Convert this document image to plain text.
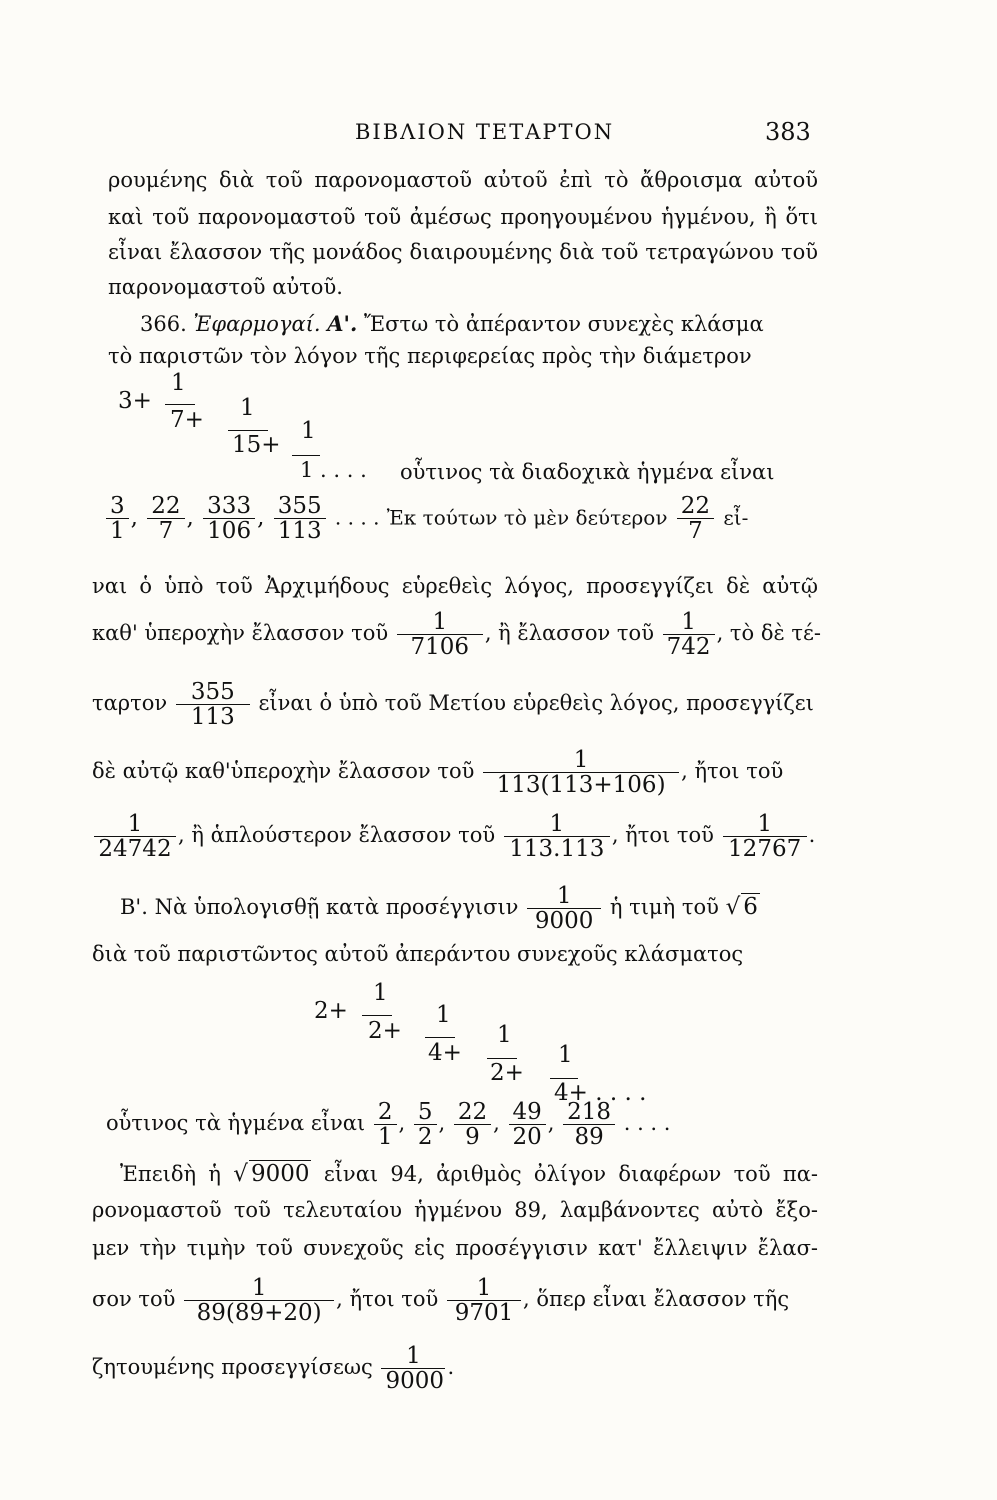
ΒΙΒΛΙΟΝ ΤΕΤΑΡΤΟΝ	383
ρουμένης διὰ τοῦ παρονομαστοῦ αὐτοῦ ἐπὶ τὸ ἄθροισμα αὐτοῦ
καὶ τοῦ παρονομαστοῦ τοῦ ἀμέσως προηγουμένου ἡγμένου, ἢ ὅτι
εἶναι ἔλασσον τῆς μονάδος διαιρουμένης διὰ τοῦ τετραγώνου τοῦ
παρονομαστοῦ αὐτοῦ.
366. Ἐφαρμογαί. Α'. Ἔστω τὸ ἀπέραντον συνεχὲς κλάσμα
τὸ παριστῶν τὸν λόγον τῆς περιφερείας πρὸς τὴν διάμετρον
3+
1
7+ 1
15+
1
1 . . . . οὗτινος τὰ διαδοχικὰ ἡγμένα εἶναι
$\frac{3}{1}$ , $\frac{22}{7}$ , $\frac{333}{106}$ , $\frac{355}{113}$ . . . . Ἐκ τούτων τὸ μὲν δεύτερον $\frac{22}{7}$ εἶ-
ναι ὁ ὑπὸ τοῦ Ἀρχιμήδους εὑρεθεὶς λόγος, προσεγγίζει δὲ αὐτῷ
καθ' ὑπεροχὴν ἔλασσον τοῦ $\frac{1}{7106}$ , ἢ ἔλασσον τοῦ $\frac{1}{742}$ , τὸ δὲ τέ-
ταρτον $\frac{355}{113}$ εἶναι ὁ ὑπὸ τοῦ Μετίου εὑρεθεὶς λόγος, προσεγγίζει
δὲ αὐτῷ καθ'ὑπεροχὴν ἔλασσον τοῦ $\frac{1}{113(113+106)}$ , ἤτοι τοῦ
$\frac{1}{24742}$ , ἢ ἁπλούστερον ἔλασσον τοῦ $\frac{1}{113.113}$ , ἤτοι τοῦ $\frac{1}{12767}$ .
Β'. Νὰ ὑπολογισθῇ κατὰ προσέγγισιν $\frac{1}{9000}$ ἡ τιμὴ τοῦ √ 6
διὰ τοῦ παριστῶντος αὐτοῦ ἀπεράντου συνεχοῦς κλάσματος
2+
1
2+
1
4+
1
2+
1
4+ . . . .
οὗτινος τὰ ἡγμένα εἶναι $\frac{2}{1}$ , $\frac{5}{2}$ , $\frac{22}{9}$ , $\frac{49}{20}$ , $\frac{218}{89}$ . . . .
Ἐπειδὴ ἡ √ 9000 εἶναι 94, ἀριθμὸς ὀλίγον διαφέρων τοῦ πα-
ρονομαστοῦ τοῦ τελευταίου ἡγμένου 89, λαμβάνοντες αὐτὸ ἔξο-
μεν τὴν τιμὴν τοῦ συνεχοῦς εἰς προσέγγισιν κατ' ἔλλειψιν ἔλασ-
σον τοῦ $\frac{1}{89(89+20)}$ , ἤτοι τοῦ $\frac{1}{9701}$ , ὅπερ εἶναι ἔλασσον τῆς
ζητουμένης προσεγγίσεως $\frac{1}{9000}$ .
